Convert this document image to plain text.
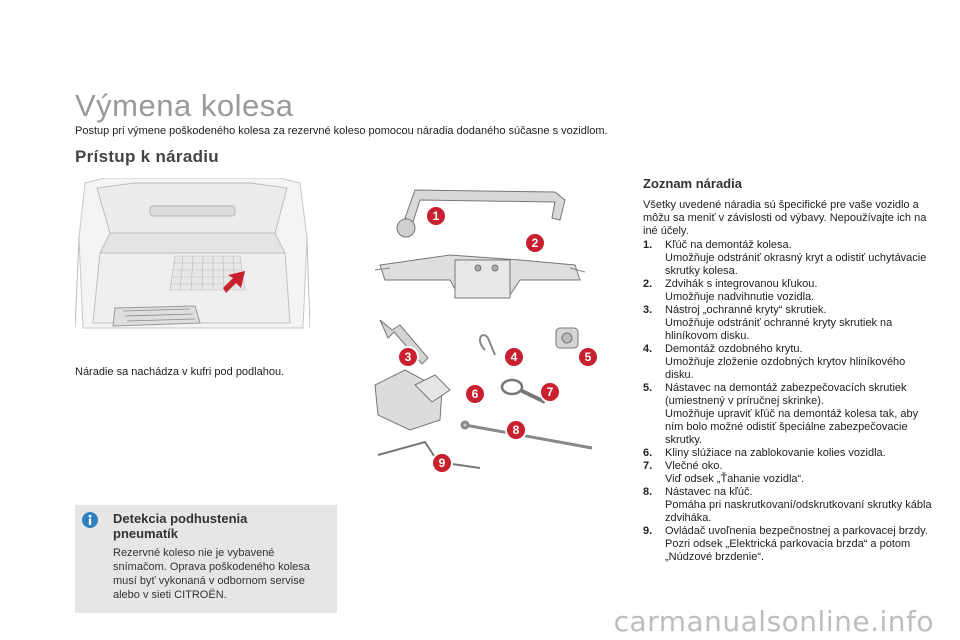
Výmena kolesa
Postup pri výmene poškodeného kolesa za rezervné koleso pomocou náradia dodaného súčasne s vozidlom.
Prístup k náradiu
Náradie sa nachádza v kufri pod podlahou.
1
2
3	4	5
6	7
8
9
Detekcia podhustenia pneumatík
Rezervné koleso nie je vybavené snímačom. Oprava poškodeného kolesa musí byť vykonaná v odbornom servise alebo v sieti CITROËN.
Zoznam náradia
Všetky uvedené náradia sú špecifické pre vaše vozidlo a môžu sa meniť v závislosti od výbavy. Nepoužívajte ich na iné účely.
1. Kľúč na demontáž kolesa.
Umožňuje odstrániť okrasný kryt a odistiť uchytávacie skrutky kolesa.
2. Zdvihák s integrovanou kľukou.
Umožňuje nadvihnutie vozidla.
3. Nástroj „ochranné kryty“ skrutiek.
Umožňuje odstrániť ochranné kryty skrutiek na hliníkovom disku.
4. Demontáž ozdobného krytu.
Umožňuje zloženie ozdobných krytov hliníkového disku.
5. Nástavec na demontáž zabezpečovacích skrutiek (umiestnený v príručnej skrinke).
Umožňuje upraviť kľúč na demontáž kolesa tak, aby ním bolo možné odistiť špeciálne zabezpečovacie skrutky.
6. Kliny slúžiace na zablokovanie kolies vozidla.
7. Vlečné oko.
Viď odsek „Ťahanie vozidla“.
8. Nástavec na kľúč.
Pomáha pri naskrutkovaní/odskrutkovaní skrutky kábla zdviháka.
9. Ovládač uvoľnenia bezpečnostnej a parkovacej brzdy.
Pozri odsek „Elektrická parkovacia brzda“ a potom „Núdzové brzdenie“.
carmanualsonline.info
